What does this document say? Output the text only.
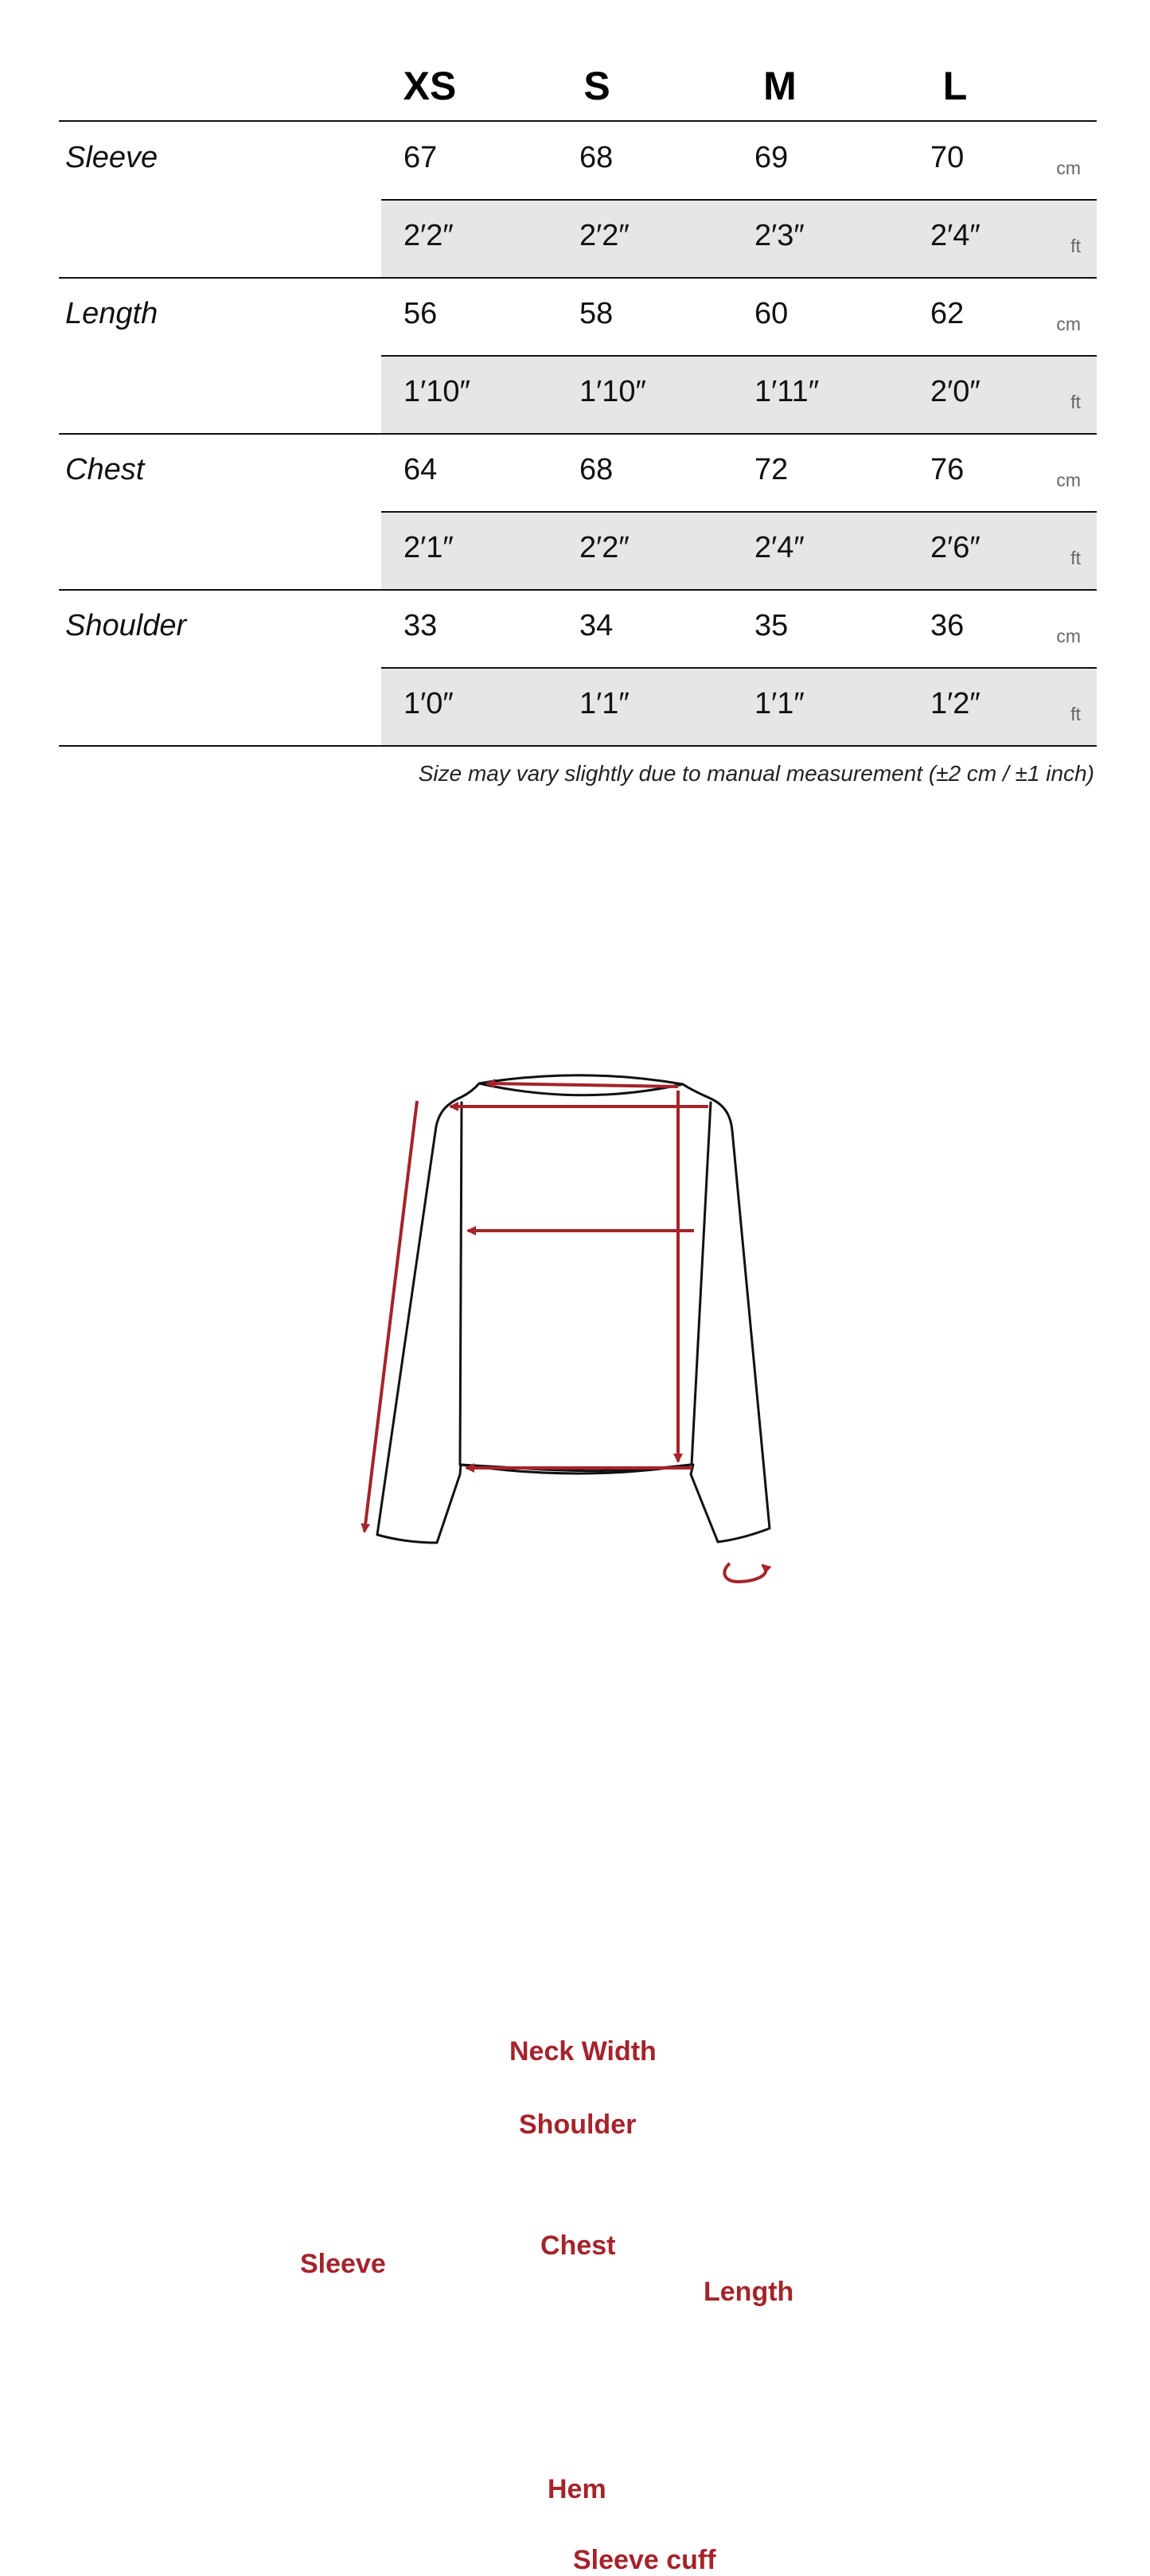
XS	S	M	L
Sleeve	67	68	69	70	cm
2′2″	2′2″	2′3″	2′4″	ft
Length	56	58	60	62	cm
1′10″	1′10″	1′11″	2′0″	ft
Chest	64	68	72	76	cm
2′1″	2′2″	2′4″	2′6″	ft
Shoulder	33	34	35	36	cm
1′0″	1′1″	1′1″	1′2″	ft
Size may vary slightly due to manual measurement (±2 cm / ±1 inch)
Neck Width
Shoulder
Chest
Length
Sleeve
Hem
Sleeve cuff
